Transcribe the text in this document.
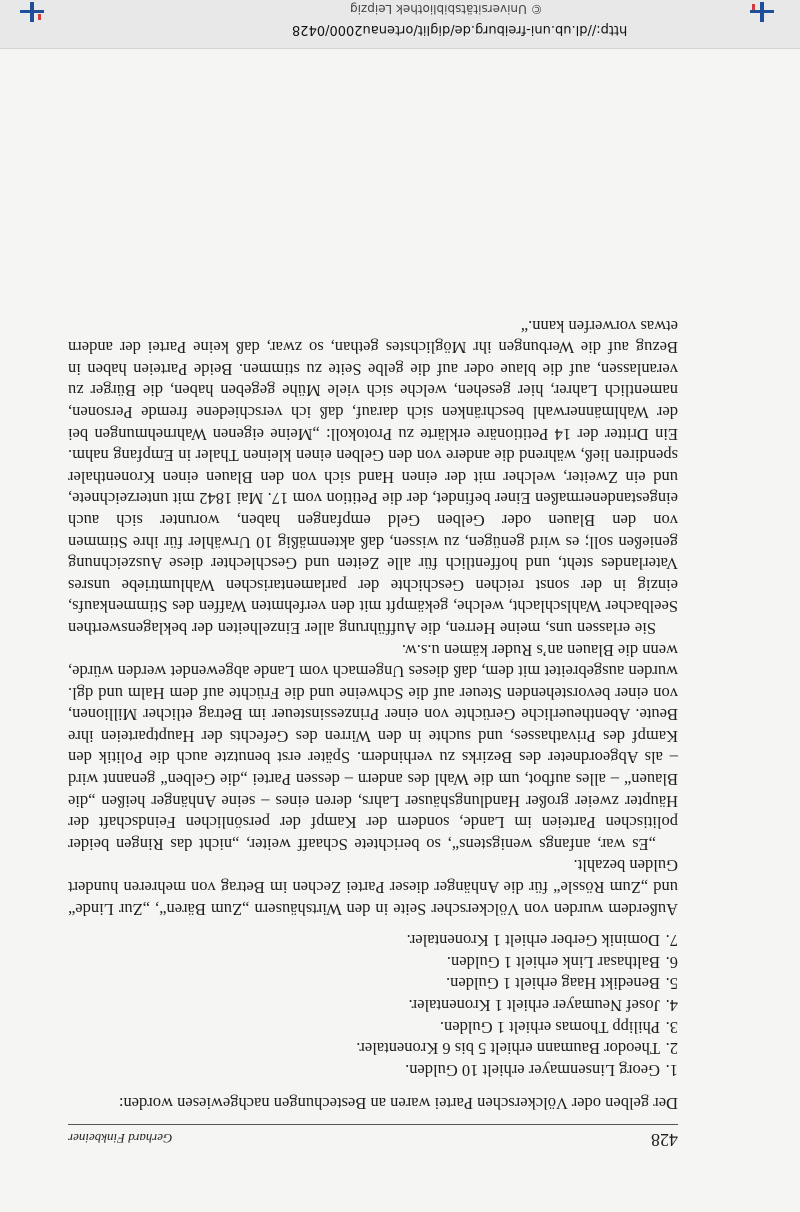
428
Gerhard Finkbeiner

Der gelben oder Völckerschen Partei waren an Bestechungen nachgewiesen worden:

1.
Georg Linsenmayer erhielt 10 Gulden.
2.
Theodor Baumann erhielt 5 bis 6 Kronentaler.
3.
Philipp Thomas erhielt 1 Gulden.
4.
Josef Neumayer erhielt 1 Kronentaler.
5.
Benedikt Haag erhielt 1 Gulden.
6.
Balthasar Link erhielt 1 Gulden.
7.
Dominik Gerber erhielt 1 Kronentaler.

Außerdem wurden von Völckerscher Seite in den Wirtshäusern „Zum Bären“, „Zur Linde“ und „Zum Rössle“ für die Anhänger dieser Partei Zechen im Betrag von mehreren hundert Gulden bezahlt.

„Es war, anfangs wenigstens“, so berichtete Schaaff weiter, „nicht das Ringen beider politischen Parteien im Lande, sondern der Kampf der persönlichen Feindschaft der Häupter zweier großer Handlungshäuser Lahrs, deren eines – seine Anhänger heißen „die Blauen“ – alles aufbot, um die Wahl des andern – dessen Partei „die Gelben“ genannt wird – als Abgeordneter des Bezirks zu verhindern. Später erst benutzte auch die Politik den Kampf des Privathasses, und suchte in den Wirren des Gefechts der Hauptparteien ihre Beute. Abentheuerliche Gerüchte von einer Prinzessinsteuer im Betrag etlicher Millionen, von einer bevorstehenden Steuer auf die Schweine und die Früchte auf dem Halm und dgl. wurden ausgebreitet mit dem, daß dieses Ungemach vom Lande abgewendet werden würde, wenn die Blauen an’s Ruder kämen u.s.w.

Sie erlassen uns, meine Herren, die Aufführung aller Einzelheiten der beklagenswerthen Seelbacher Wahlschlacht, welche, gekämpft mit den verfehmten Waffen des Stimmenkaufs, einzig in der sonst reichen Geschichte der parlamentarischen Wahlumtriebe unsres Vaterlandes steht, und hoffentlich für alle Zeiten und Geschlechter diese Auszeichnung genießen soll; es wird genügen, zu wissen, daß aktenmäßig 10 Urwähler für ihre Stimmen von den Blauen oder Gelben Geld empfangen haben, worunter sich auch eingestandenermaßen Einer befindet, der die Petition vom 17. Mai 1842 mit unterzeichnete, und ein Zweiter, welcher mit der einen Hand sich von den Blauen einen Kronenthaler spendiren ließ, während die andere von den Gelben einen kleinen Thaler in Empfang nahm. Ein Dritter der 14 Petitionäre erklärte zu Protokoll: „Meine eigenen Wahrnehmungen bei der Wahlmännerwahl beschränken sich darauf, daß ich verschiedene fremde Personen, namentlich Lahrer, hier gesehen, welche sich viele Mühe gegeben haben, die Bürger zu veranlassen, auf die blaue oder auf die gelbe Seite zu stimmen. Beide Parteien haben in Bezug auf die Werbungen ihr Möglichstes gethan, so zwar, daß keine Partei der andern etwas vorwerfen kann.“

http://dl.ub.uni-freiburg.de/diglit/ortenau2000/0428
© Universitätsbibliothek Leipzig
